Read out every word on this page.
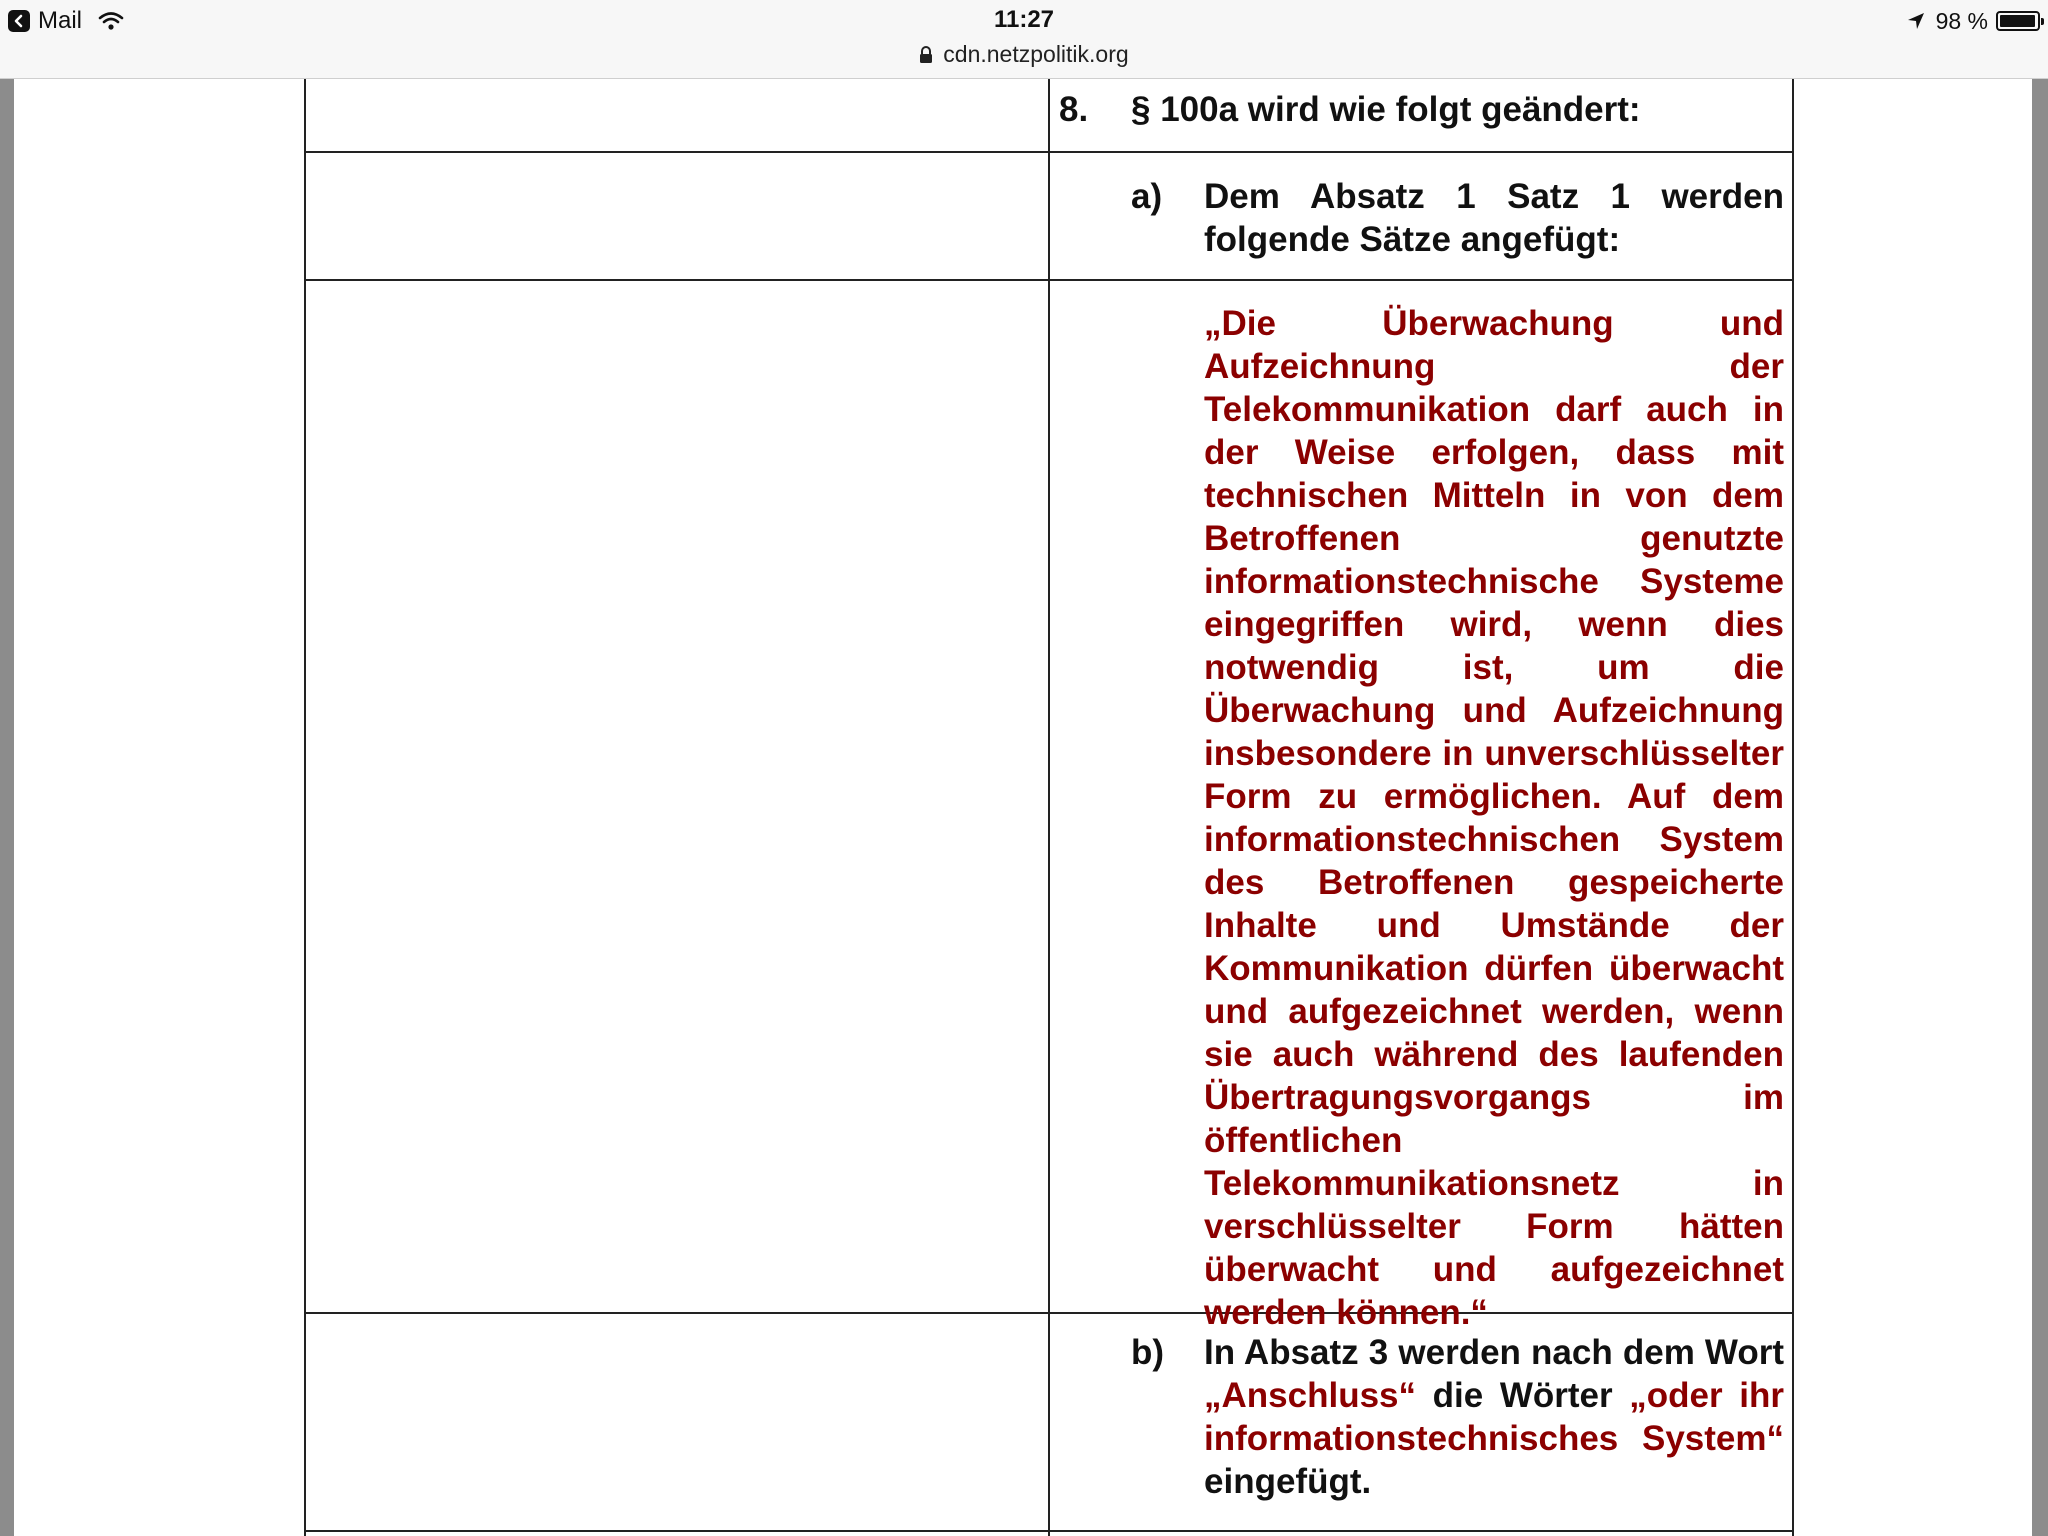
Mail	11:27
cdn.netzpolitik.org
98 %
8. § 100a wird wie folgt geändert:
a) Dem Absatz 1 Satz 1 werden folgende Sätze angefügt:

„Die Überwachung und Aufzeichnung der Telekommunikation darf auch in der Weise erfolgen, dass mit technischen Mitteln in von dem Betroffenen genutzte informationstechnische Systeme eingegriffen wird, wenn dies notwendig ist, um die Überwachung und Aufzeichnung insbesondere in unverschlüsselter Form zu ermöglichen. Auf dem informationstechnischen System des Betroffenen gespeicherte Inhalte und Umstände der Kommunikation dürfen überwacht und aufgezeichnet werden, wenn sie auch während des laufenden Übertragungsvorgangs im öffentlichen Telekommunikationsnetz in verschlüsselter Form hätten überwacht und aufgezeichnet werden können.“

b) In Absatz 3 werden nach dem Wort „Anschluss“ die Wörter „oder ihr informationstechnisches System“ eingefügt.
